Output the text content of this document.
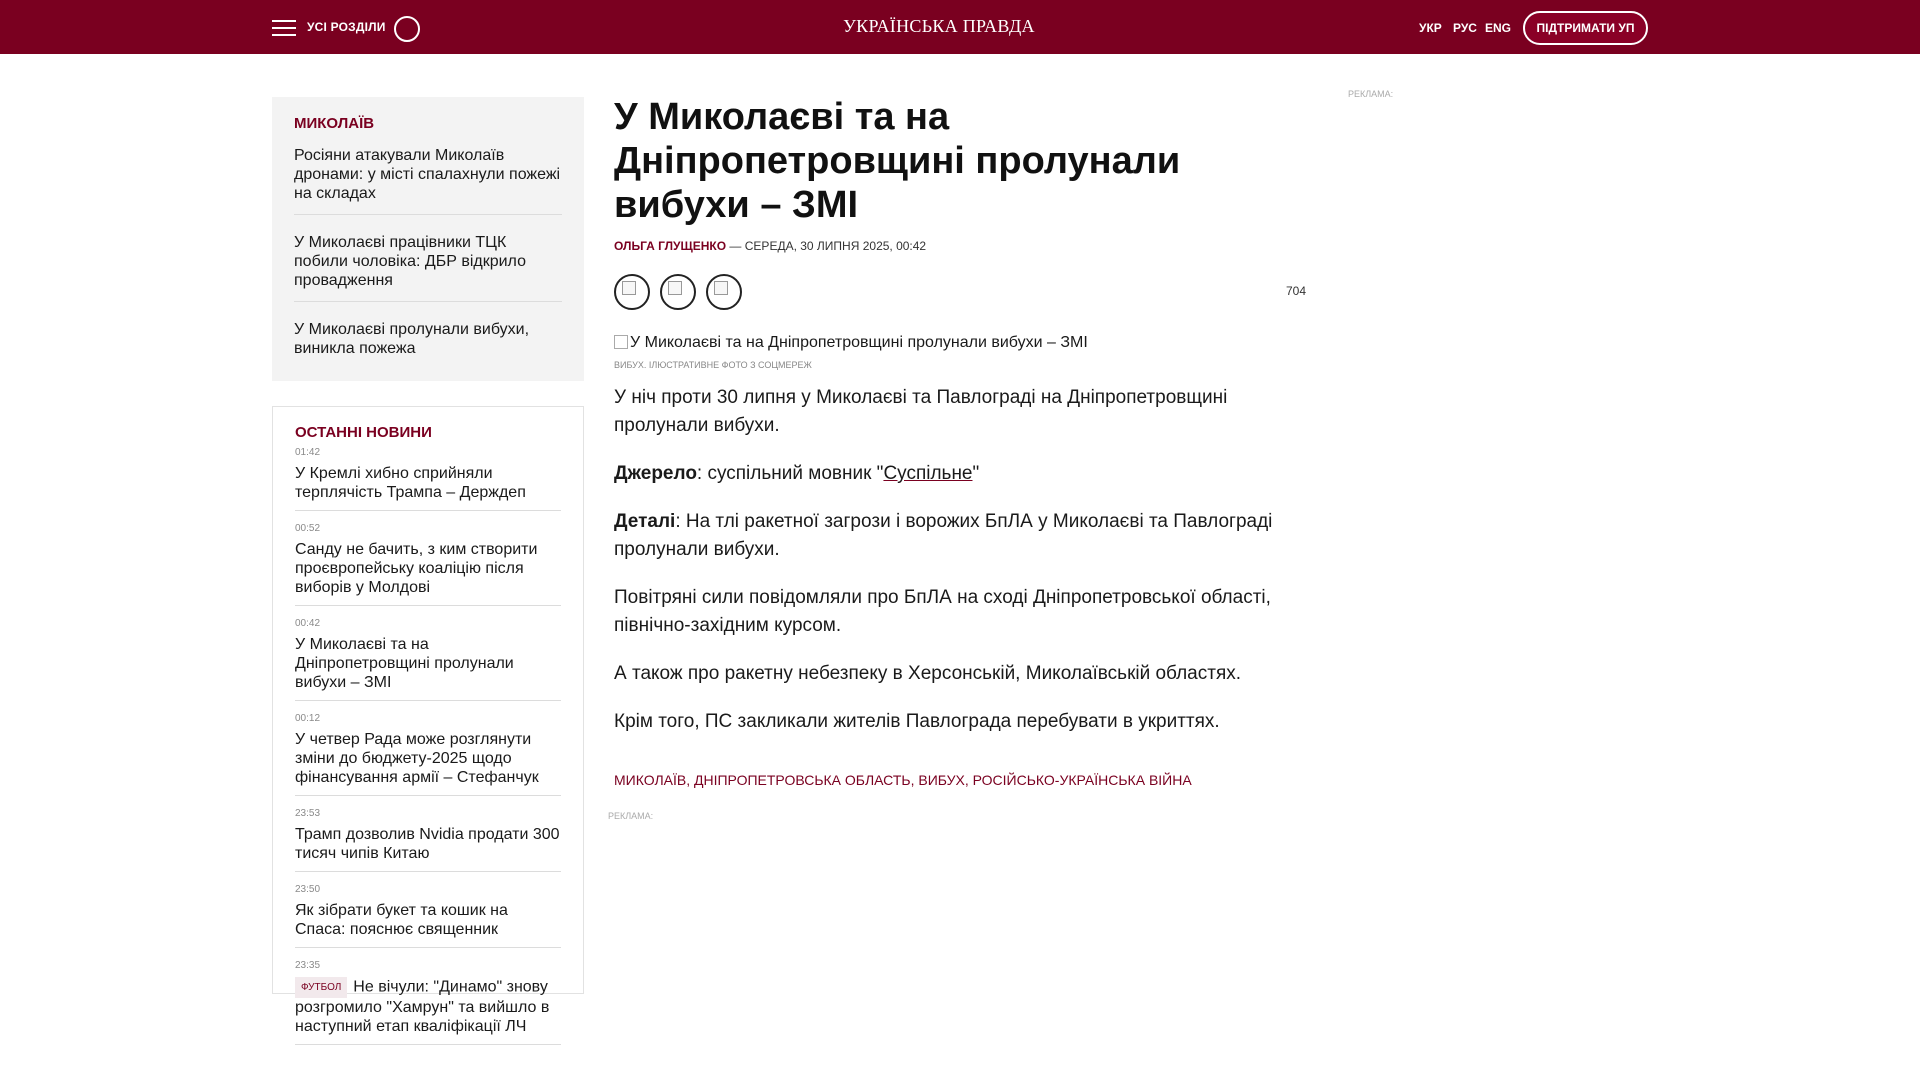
УСІ РОЗДІЛИ	УКРАЇНСЬКА ПРАВДА	УКР РУС ENG	ПІДТРИМАТИ УП
МИКОЛАЇВ
Росіяни атакували Миколаїв дронами: у місті спалахнули пожежі на складах
У Миколаєві працівники ТЦК побили чоловіка: ДБР відкрило провадження
У Миколаєві пролунали вибухи, виникла пожежа
ОСТАННІ НОВИНИ
01:42
У Кремлі хибно сприйняли терплячість Трампа – Держдеп
00:52
Санду не бачить, з ким створити проєвропейську коаліцію після виборів у Молдові
00:42
У Миколаєві та на Дніпропетровщині пролунали вибухи – ЗМІ
00:12
У четвер Рада може розглянути зміни до бюджету-2025 щодо фінансування армії – Стефанчук
23:53
Трамп дозволив Nvidia продати 300 тисяч чипів Китаю
23:50
Як зібрати букет та кошик на Спаса: пояснює священник
23:35
ФУТБОЛ Не вічули: "Динамо" знову розгромило "Хамрун" та вийшло в наступний етап кваліфікації ЛЧ
У Миколаєві та на Дніпропетровщині пролунали вибухи – ЗМІ
ОЛЬГА ГЛУЩЕНКО — СЕРЕДА, 30 ЛИПНЯ 2025, 00:42
704
У Миколаєві та на Дніпропетровщині пролунали вибухи – ЗМІ
ВИБУХ. ІЛЮСТРАТИВНЕ ФОТО З СОЦМЕРЕЖ

У ніч проти 30 липня у Миколаєві та Павлограді на Дніпропетровщині пролунали вибухи.

Джерело: суспільний мовник "Суспільне"

Деталі: На тлі ракетної загрози і ворожих БпЛА у Миколаєві та Павлограді пролунали вибухи.

Повітряні сили повідомляли про БпЛА на сході Дніпропетровської області, північно-західним курсом.

А також про ракетну небезпеку в Херсонській, Миколаївській областях.

Крім того, ПС закликали жителів Павлограда перебувати в укриттях.

МИКОЛАЇВ, ДНІПРОПЕТРОВСЬКА ОБЛАСТЬ, ВИБУХ, РОСІЙСЬКО-УКРАЇНСЬКА ВІЙНА
РЕКЛАМА:
РЕКЛАМА:
